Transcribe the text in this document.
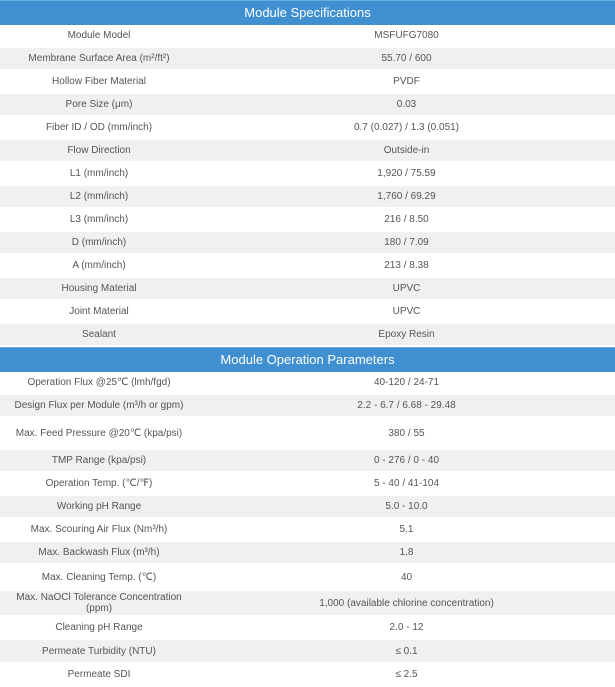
Module Specifications
Module Model	MSFUFG7080
Membrane Surface Area (m²/ft²)	55.70 / 600
Hollow Fiber Material	PVDF
Pore Size (μm)	0.03
Fiber ID / OD (mm/inch)	0.7 (0.027) / 1.3 (0.051)
Flow Direction	Outside-in
L1 (mm/inch)	1,920 / 75.59
L2 (mm/inch)	1,760 / 69.29
L3 (mm/inch)	216 / 8.50
D (mm/inch)	180 / 7.09
A (mm/inch)	213 / 8.38
Housing Material	UPVC
Joint Material	UPVC
Sealant	Epoxy Resin
Module Operation Parameters
Operation Flux @25℃ (lmh/fgd)	40-120 / 24-71
Design Flux per Module (m³/h or gpm)	2.2 - 6.7 / 6.68 - 29.48
Max. Feed Pressure @20℃ (kpa/psi)	380 / 55
TMP Range (kpa/psi)	0 - 276 / 0 - 40
Operation Temp. (℃/℉)	5 - 40 / 41-104
Working pH Range	5.0 - 10.0
Max. Scouring Air Flux (Nm³/h)	5.1
Max. Backwash Flux (m³/h)	1.8
Max. Cleaning Temp. (℃)	40
Max. NaOCl Tolerance Concentration (ppm)	1,000 (available chlorine concentration)
Cleaning pH Range	2.0 - 12
Permeate Turbidity (NTU)	≤ 0.1
Permeate SDI	≤ 2.5
